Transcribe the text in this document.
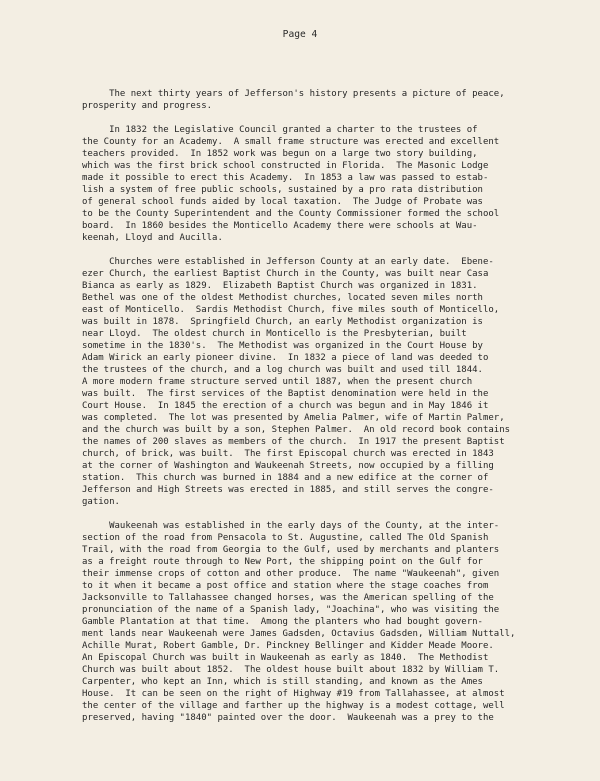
Page 4
The next thirty years of Jefferson's history presents a picture of peace,
prosperity and progress.
In 1832 the Legislative Council granted a charter to the trustees of
the County for an Academy.  A small frame structure was erected and excellent
teachers provided.  In 1852 work was begun on a large two story building,
which was the first brick school constructed in Florida.  The Masonic Lodge
made it possible to erect this Academy.  In 1853 a law was passed to estab-
lish a system of free public schools, sustained by a pro rata distribution
of general school funds aided by local taxation.  The Judge of Probate was
to be the County Superintendent and the County Commissioner formed the school
board.  In 1860 besides the Monticello Academy there were schools at Wau-
keenah, Lloyd and Aucilla.
Churches were established in Jefferson County at an early date.  Ebene-
ezer Church, the earliest Baptist Church in the County, was built near Casa
Bianca as early as 1829.  Elizabeth Baptist Church was organized in 1831.
Bethel was one of the oldest Methodist churches, located seven miles north
east of Monticello.  Sardis Methodist Church, five miles south of Monticello,
was built in 1878.  Springfield Church, an early Methodist organization is
near Lloyd.  The oldest church in Monticello is the Presbyterian, built
sometime in the 1830's.  The Methodist was organized in the Court House by
Adam Wirick an early pioneer divine.  In 1832 a piece of land was deeded to
the trustees of the church, and a log church was built and used till 1844.
A more modern frame structure served until 1887, when the present church
was built.  The first services of the Baptist denomination were held in the
Court House.  In 1845 the erection of a church was begun and in May 1846 it
was completed.  The lot was presented by Amelia Palmer, wife of Martin Palmer,
and the church was built by a son, Stephen Palmer.  An old record book contains
the names of 200 slaves as members of the church.  In 1917 the present Baptist
church, of brick, was built.  The first Episcopal church was erected in 1843
at the corner of Washington and Waukeenah Streets, now occupied by a filling
station.  This church was burned in 1884 and a new edifice at the corner of
Jefferson and High Streets was erected in 1885, and still serves the congre-
gation.
Waukeenah was established in the early days of the County, at the inter-
section of the road from Pensacola to St. Augustine, called The Old Spanish
Trail, with the road from Georgia to the Gulf, used by merchants and planters
as a freight route through to New Port, the shipping point on the Gulf for
their immense crops of cotton and other produce.  The name "Waukeenah", given
to it when it became a post office and station where the stage coaches from
Jacksonville to Tallahassee changed horses, was the American spelling of the
pronunciation of the name of a Spanish lady, "Joachina", who was visiting the
Gamble Plantation at that time.  Among the planters who had bought govern-
ment lands near Waukeenah were James Gadsden, Octavius Gadsden, William Nuttall,
Achille Murat, Robert Gamble, Dr. Pinckney Bellinger and Kidder Meade Moore.
An Episcopal Church was built in Waukeenah as early as 1840.  The Methodist
Church was built about 1852.  The oldest house built about 1832 by William T.
Carpenter, who kept an Inn, which is still standing, and known as the Ames
House.  It can be seen on the right of Highway #19 from Tallahassee, at almost
the center of the village and farther up the highway is a modest cottage, well
preserved, having "1840" painted over the door.  Waukeenah was a prey to the
